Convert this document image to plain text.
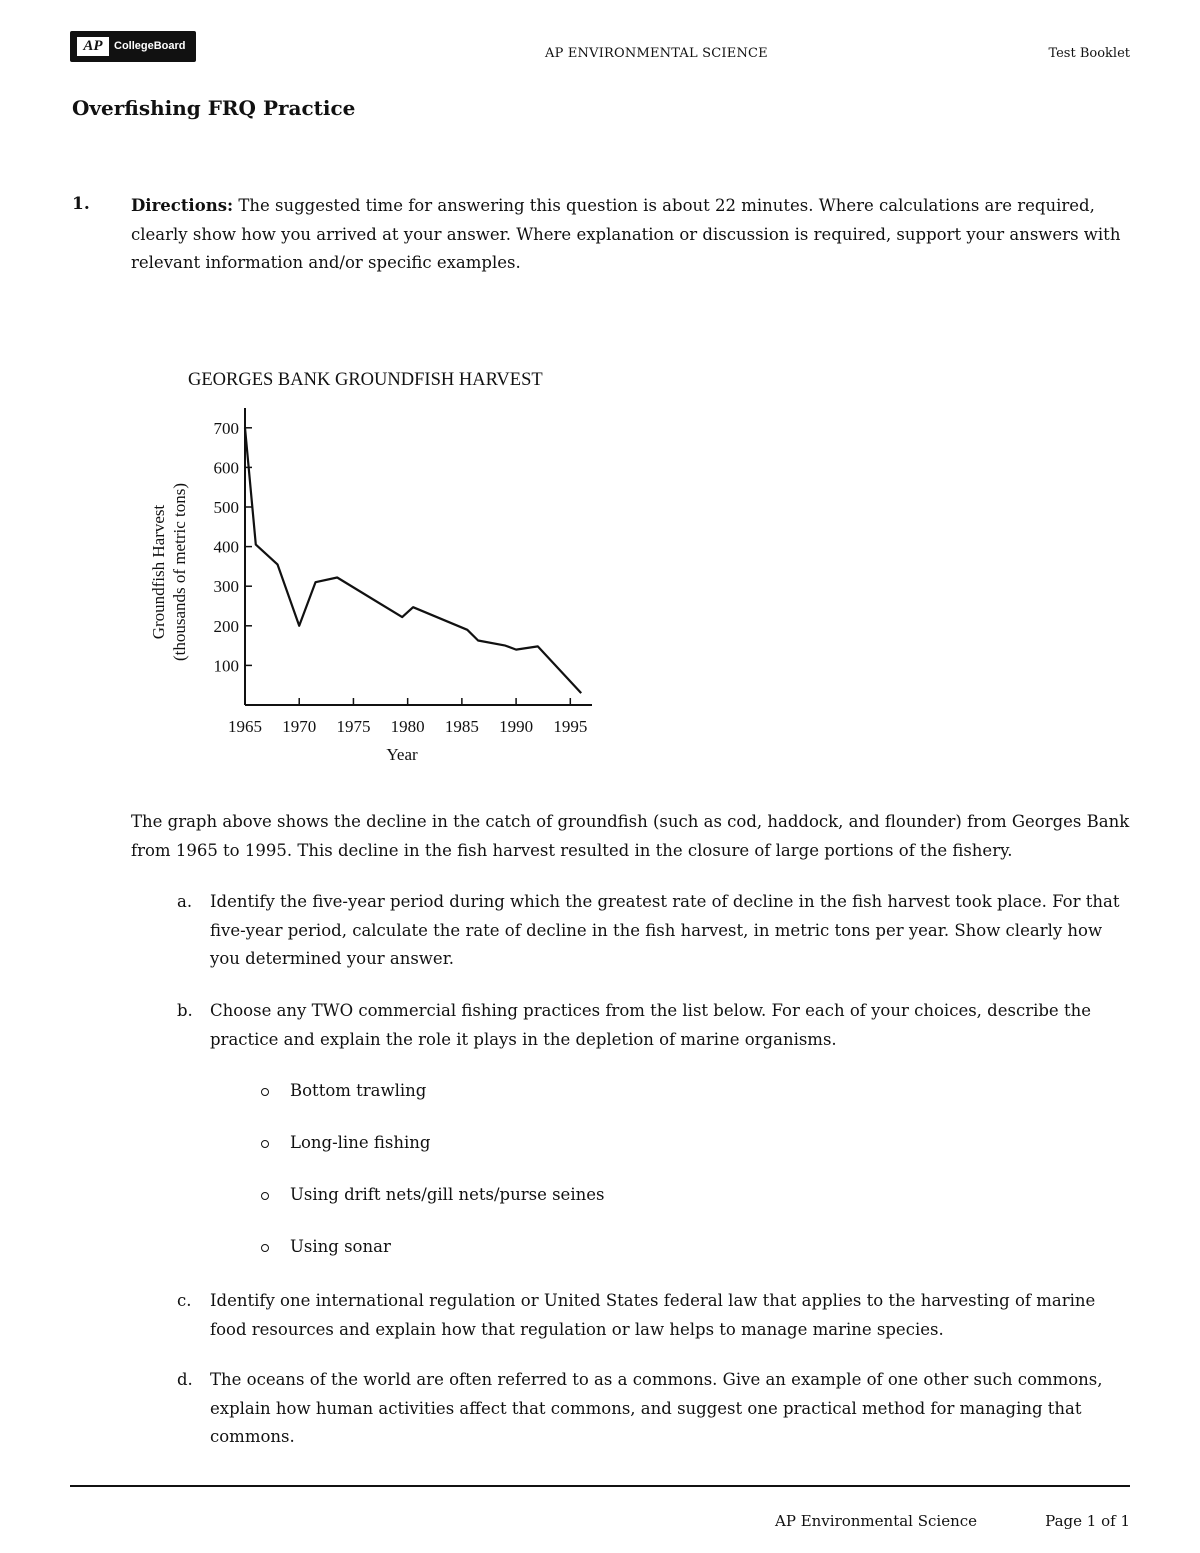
AP	CollegeBoard	AP ENVIRONMENTAL SCIENCE	Test Booklet
Overfishing FRQ Practice
1.	Directions: The suggested time for answering this question is about 22 minutes. Where calculations are required, clearly show how you arrived at your answer. Where explanation or discussion is required, support your answers with relevant information and/or specific examples.
GEORGES BANK GROUNDFISH HARVEST
100
200
300
400
500
600
700
1965 1970 1975 1980 1985 1990 1995
Year
Groundfish Harvest (thousands of metric tons)
The graph above shows the decline in the catch of groundfish (such as cod, haddock, and flounder) from Georges Bank from 1965 to 1995. This decline in the fish harvest resulted in the closure of large portions of the fishery.
a. Identify the five-year period during which the greatest rate of decline in the fish harvest took place. For that five-year period, calculate the rate of decline in the fish harvest, in metric tons per year. Show clearly how you determined your answer.
b. Choose any TWO commercial fishing practices from the list below. For each of your choices, describe the practice and explain the role it plays in the depletion of marine organisms.
Bottom trawling
Long-line fishing
Using drift nets/gill nets/purse seines
Using sonar
c. Identify one international regulation or United States federal law that applies to the harvesting of marine food resources and explain how that regulation or law helps to manage marine species.
d. The oceans of the world are often referred to as a commons. Give an example of one other such commons, explain how human activities affect that commons, and suggest one practical method for managing that commons.
AP Environmental Science	Page 1 of 1
